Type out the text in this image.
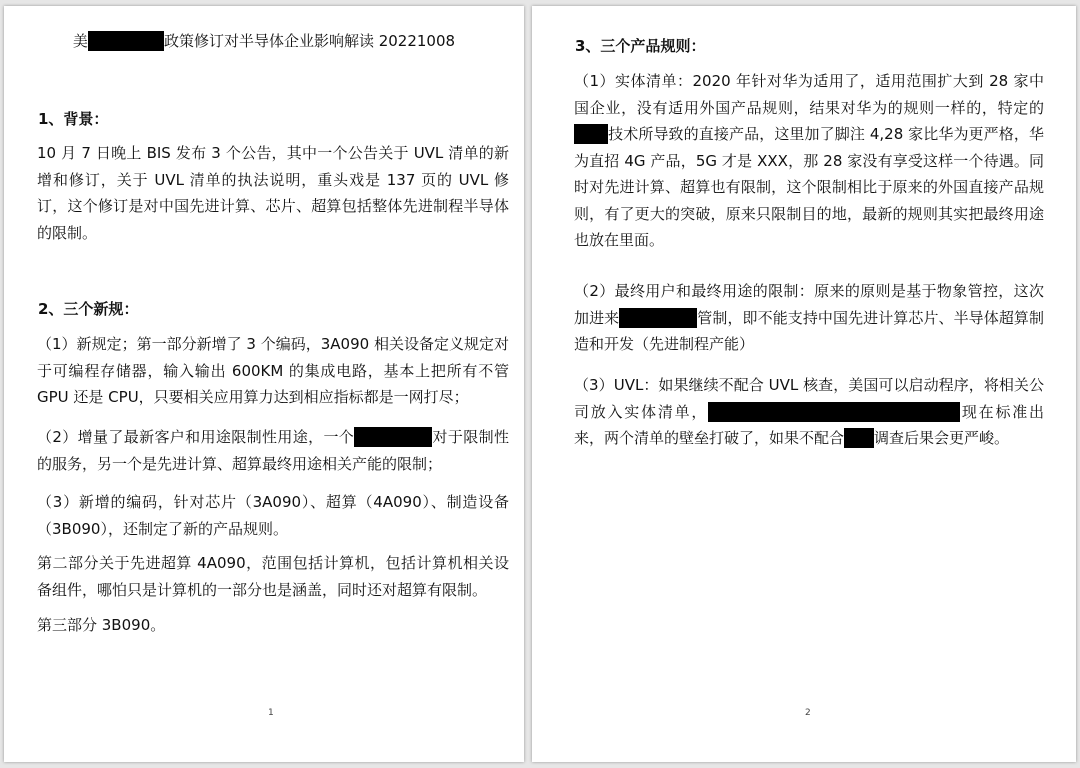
美	政策修订对半导体企业影响解读 20221008
1、背景：

10 月 7 日晚上 BIS 发布 3 个公告，其中一个公告关于 UVL 清单的新增和修订，关于 UVL 清单的执法说明，重头戏是 137 页的 UVL 修订，这个修订是对中国先进计算、芯片、超算包括整体先进制程半导体的限制。

2、三个新规：

（1）新规定；第一部分新增了 3 个编码，3A090 相关设备定义规定对于可编程存储器，输入输出 600KM 的集成电路，基本上把所有不管 GPU 还是 CPU，只要相关应用算力达到相应指标都是一网打尽；

（2）增量了最新客户和用途限制性用途，一个	对于限制性的服务，另一个是先进计算、超算最终用途相关产能的限制；

（3）新增的编码，针对芯片（3A090）、超算（4A090）、制造设备（3B090），还制定了新的产品规则。

第二部分关于先进超算 4A090，范围包括计算机，包括计算机相关设备组件，哪怕只是计算机的一部分也是涵盖，同时还对超算有限制。

第三部分 3B090。

1
3、三个产品规则：

（1）实体清单：2020 年针对华为适用了，适用范围扩大到 28 家中国企业，没有适用外国产品规则，结果对华为的规则一样的，特定的技术所导致的直接产品，这里加了脚注 4,28 家比华为更严格，华为直招 4G 产品，5G 才是 XXX，那 28 家没有享受这样一个待遇。同时对先进计算、超算也有限制，这个限制相比于原来的外国直接产品规则，有了更大的突破，原来只限制目的地，最新的规则其实把最终用途也放在里面。

（2）最终用户和最终用途的限制：原来的原则是基于物象管控，这次加进来	管制，即不能支持中国先进计算芯片、半导体超算制造和开发（先进制程产能）

（3）UVL：如果继续不配合 UVL 核查，美国可以启动程序，将相关公司放入实体清单，	现在标准出来，两个清单的壁垒打破了，如果不配合 调查后果会更严峻。

2
